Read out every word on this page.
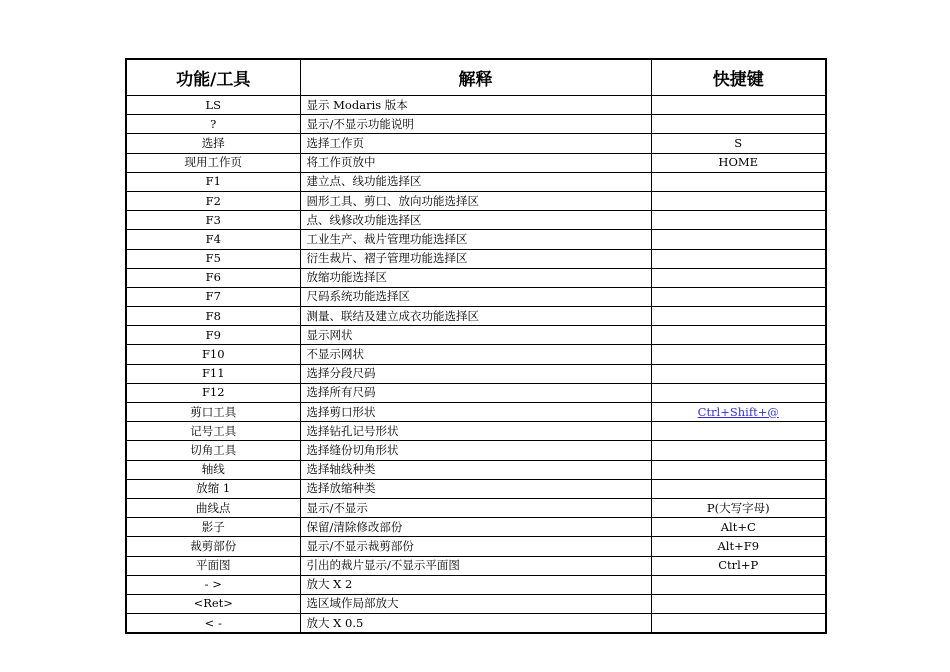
功能/工具	解释	快捷键
LS	显示 Modaris 版本	
?	显示/不显示功能说明	
选择	选择工作页	S
现用工作页	将工作页放中	HOME
F1	建立点、线功能选择区	
F2	圆形工具、剪口、放向功能选择区	
F3	点、线修改功能选择区	
F4	工业生产、裁片管理功能选择区	
F5	衍生裁片、褶子管理功能选择区	
F6	放缩功能选择区	
F7	尺码系统功能选择区	
F8	测量、联结及建立成衣功能选择区	
F9	显示网状	
F10	不显示网状	
F11	选择分段尺码	
F12	选择所有尺码	
剪口工具	选择剪口形状	Ctrl+Shift+@
记号工具	选择钻孔记号形状	
切角工具	选择缝份切角形状	
轴线	选择轴线种类	
放缩 1	选择放缩种类	
曲线点	显示/不显示	P(大写字母)
影子	保留/清除修改部份	Alt+C
裁剪部份	显示/不显示裁剪部份	Alt+F9
平面图	引出的裁片显示/不显示平面图	Ctrl+P
- >	放大 X 2	
<Ret>	选区域作局部放大	
< -	放大 X 0.5	
